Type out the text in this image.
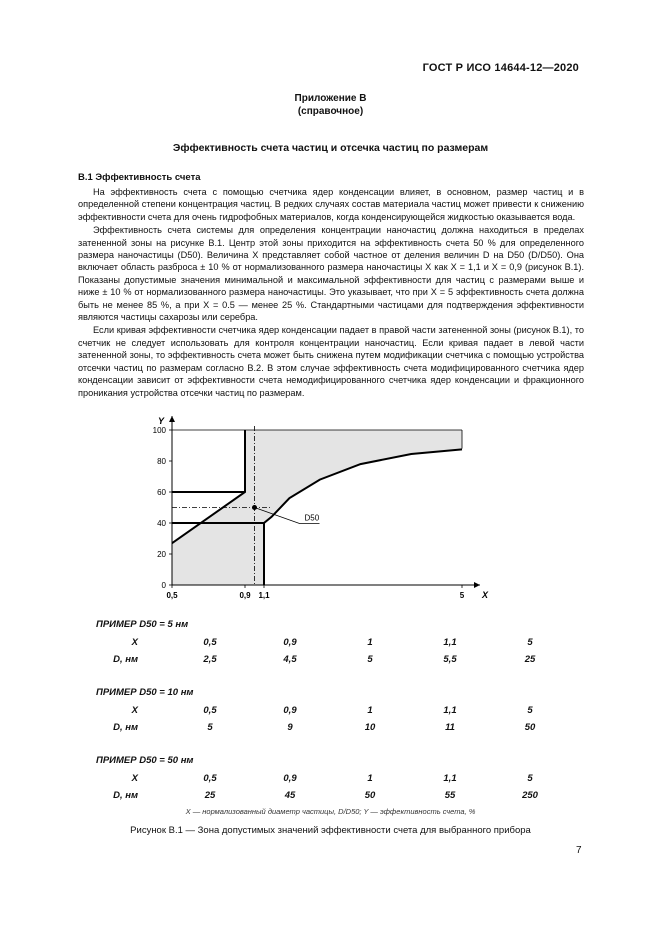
ГОСТ Р ИСО 14644-12—2020
Приложение В
(справочное)
Эффективность счета частиц и отсечка частиц по размерам
В.1 Эффективность счета

На эффективность счета с помощью счетчика ядер конденсации влияет, в основном, размер частиц и в определенной степени концентрация частиц. В редких случаях состав материала частиц может привести к снижению эффективности счета для очень гидрофобных материалов, когда конденсирующейся жидкостью оказывается вода.

Эффективность счета системы для определения концентрации наночастиц должна находиться в пределах затененной зоны на рисунке В.1. Центр этой зоны приходится на эффективность счета 50 % для определенного размера наночастицы (D50). Величина X представляет собой частное от деления величин D на D50 (D/D50). Она включает область разброса ± 10 % от нормализованного размера наночастицы X как X = 1,1 и X = 0,9 (рисунок В.1). Показаны допустимые значения минимальной и максимальной эффективности для частиц с размерами выше и ниже ± 10 % от нормализованного размера наночастицы. Это указывает, что при X = 5 эффективность счета должна быть не менее 85 %, а при X = 0.5 — менее 25 %. Стандартными частицами для подтверждения эффективности являются частицы сахарозы или серебра.

Если кривая эффективности счетчика ядер конденсации падает в правой части затененной зоны (рисунок В.1), то счетчик не следует использовать для контроля концентрации наночастиц. Если кривая падает в левой части затененной зоны, то эффективность счета может быть снижена путем модификации счетчика с помощью устройства отсечки частиц по размерам согласно В.2. В этом случае эффективность счета модифицированного счетчика ядер конденсации зависит от эффективности счета немодифицированного счетчика ядер конденсации и фракционного проникания устройства отсечки частиц по размерам.

0
20
40
60
80
100
0,5	0,9 1,1	5 X
Y
D50
ПРИМЕР D50 = 5 нм
X	0,5	0,9	1	1,1	5
D, нм	2,5	4,5	5	5,5	25
ПРИМЕР D50 = 10 нм
X	0,5	0,9	1	1,1	5
D, нм	5	9	10	11	50
ПРИМЕР D50 = 50 нм
X	0,5	0,9	1	1,1	5
D, нм	25	45	50	55	250
X — нормализованный диаметр частицы, D/D50; Y — эффективность счета, %
Рисунок В.1 — Зона допустимых значений эффективности счета для выбранного прибора
7
